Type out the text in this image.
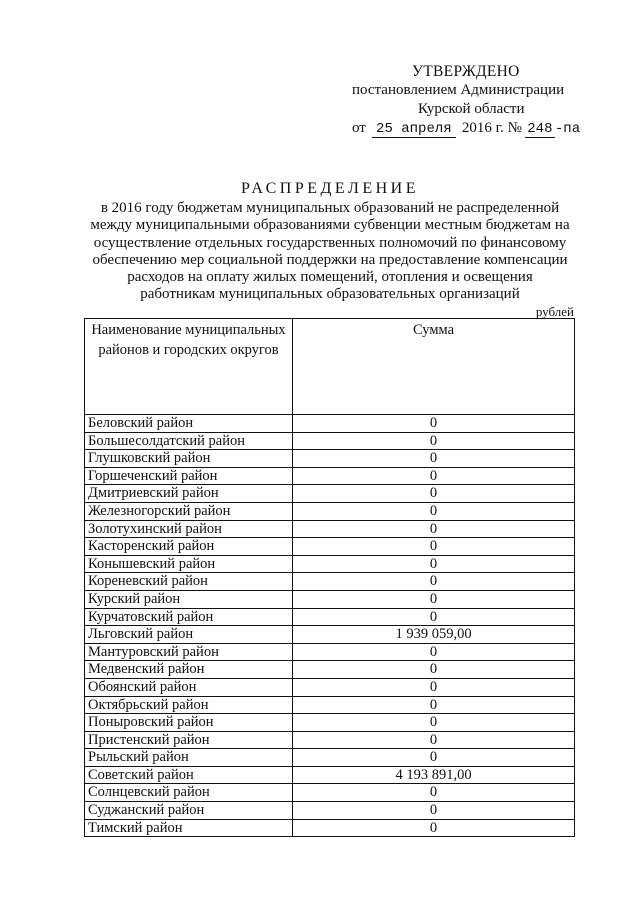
УТВЕРЖДЕНО
постановлением Администрации
Курской области
от 25 апреля 2016 г. № 248 -па
РАСПРЕДЕЛЕНИЕ
в 2016 году бюджетам муниципальных образований не распределенной
между муниципальными образованиями субвенции местным бюджетам на
осуществление отдельных государственных полномочий по финансовому
обеспечению мер социальной поддержки на предоставление компенсации
расходов на оплату жилых помещений, отопления и освещения
работникам муниципальных образовательных организаций
рублей
Наименование муниципальных районов и городских округов	Сумма
Беловский район	0
Большесолдатский район	0
Глушковский район	0
Горшеченский район	0
Дмитриевский район	0
Железногорский район	0
Золотухинский район	0
Касторенский район	0
Конышевский район	0
Кореневский район	0
Курский район	0
Курчатовский район	0
Льговский район	1 939 059,00
Мантуровский район	0
Медвенский район	0
Обоянский район	0
Октябрьский район	0
Поныровский район	0
Пристенский район	0
Рыльский район	0
Советский район	4 193 891,00
Солнцевский район	0
Суджанский район	0
Тимский район	0
